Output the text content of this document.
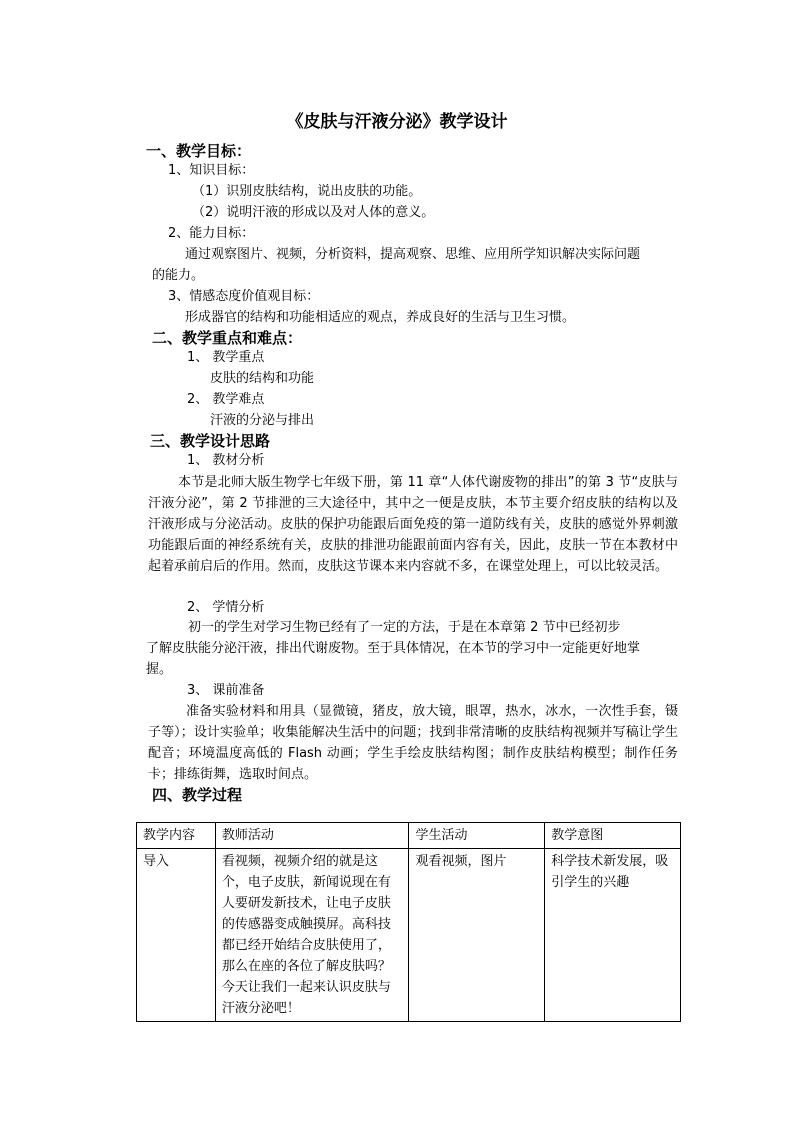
《皮肤与汗液分泌》教学设计
一、教学目标：
1、知识目标：
（1）识别皮肤结构，说出皮肤的功能。
（2）说明汗液的形成以及对人体的意义。
2、能力目标：
通过观察图片、视频，分析资料，提高观察、思维、应用所学知识解决实际问题
的能力。
3、情感态度价值观目标：
形成器官的结构和功能相适应的观点，养成良好的生活与卫生习惯。
二、教学重点和难点：
1、 教学重点
皮肤的结构和功能
2、 教学难点
汗液的分泌与排出
三、教学设计思路
1、 教材分析
本节是北师大版生物学七年级下册，第 11 章“人体代谢废物的排出”的第 3 节“皮肤与汗液分泌”，第 2 节排泄的三大途径中，其中之一便是皮肤，本节主要介绍皮肤的结构以及汗液形成与分泌活动。皮肤的保护功能跟后面免疫的第一道防线有关，皮肤的感觉外界刺激功能跟后面的神经系统有关，皮肤的排泄功能跟前面内容有关，因此，皮肤一节在本教材中起着承前启后的作用。然而，皮肤这节课本来内容就不多，在课堂处理上，可以比较灵活。
2、 学情分析
初一的学生对学习生物已经有了一定的方法，于是在本章第 2 节中已经初步
了解皮肤能分泌汗液，排出代谢废物。至于具体情况，在本节的学习中一定能更好地掌
握。
3、 课前准备
准备实验材料和用具（显微镜，猪皮，放大镜，眼罩，热水，冰水，一次性手套，镊子等）；设计实验单；收集能解决生活中的问题；找到非常清晰的皮肤结构视频并写稿让学生配音；环境温度高低的 Flash 动画；学生手绘皮肤结构图；制作皮肤结构模型；制作任务卡；排练街舞，选取时间点。
四、教学过程
教学内容	教师活动	学生活动	教学意图
导入	看视频，视频介绍的就是这个，电子皮肤，新闻说现在有人要研发新技术，让电子皮肤的传感器变成触摸屏。高科技都已经开始结合皮肤使用了，那么在座的各位了解皮肤吗？今天让我们一起来认识皮肤与汗液分泌吧！	观看视频，图片	科学技术新发展，吸引学生的兴趣
